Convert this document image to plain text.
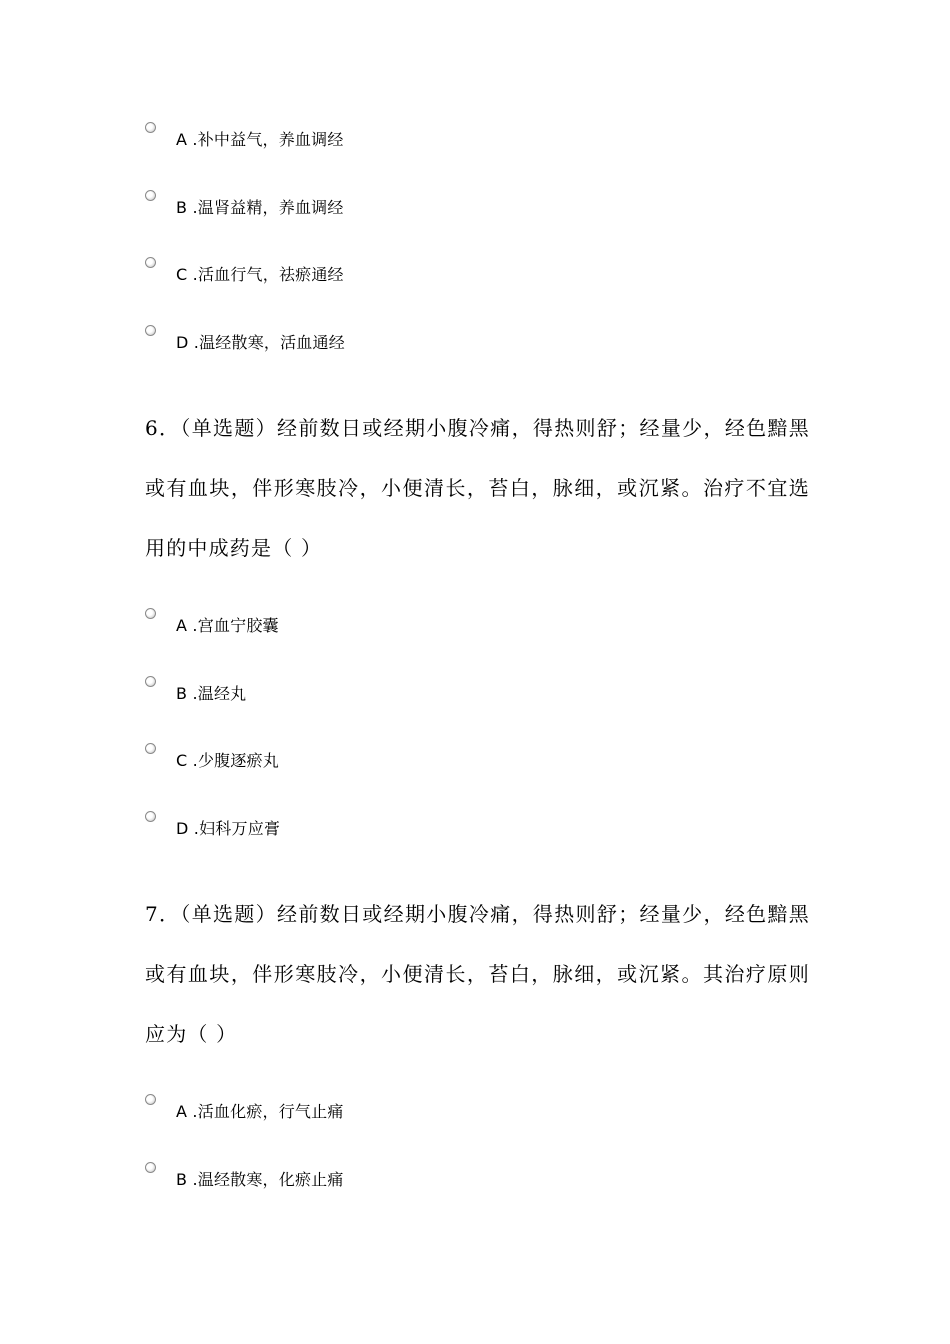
A .补中益气，养血调经
B .温肾益精，养血调经
C .活血行气，祛瘀通经
D .温经散寒，活血通经
6．（单选题）经前数日或经期小腹冷痛，得热则舒；经量少，经色黯黑或有血块，伴形寒肢冷，小便清长，苔白，脉细，或沉紧。治疗不宜选用的中成药是（ ）
A .宫血宁胶囊
B .温经丸
C .少腹逐瘀丸
D .妇科万应膏
7．（单选题）经前数日或经期小腹冷痛，得热则舒；经量少，经色黯黑或有血块，伴形寒肢冷，小便清长，苔白，脉细，或沉紧。其治疗原则应为（ ）
A .活血化瘀，行气止痛
B .温经散寒，化瘀止痛
